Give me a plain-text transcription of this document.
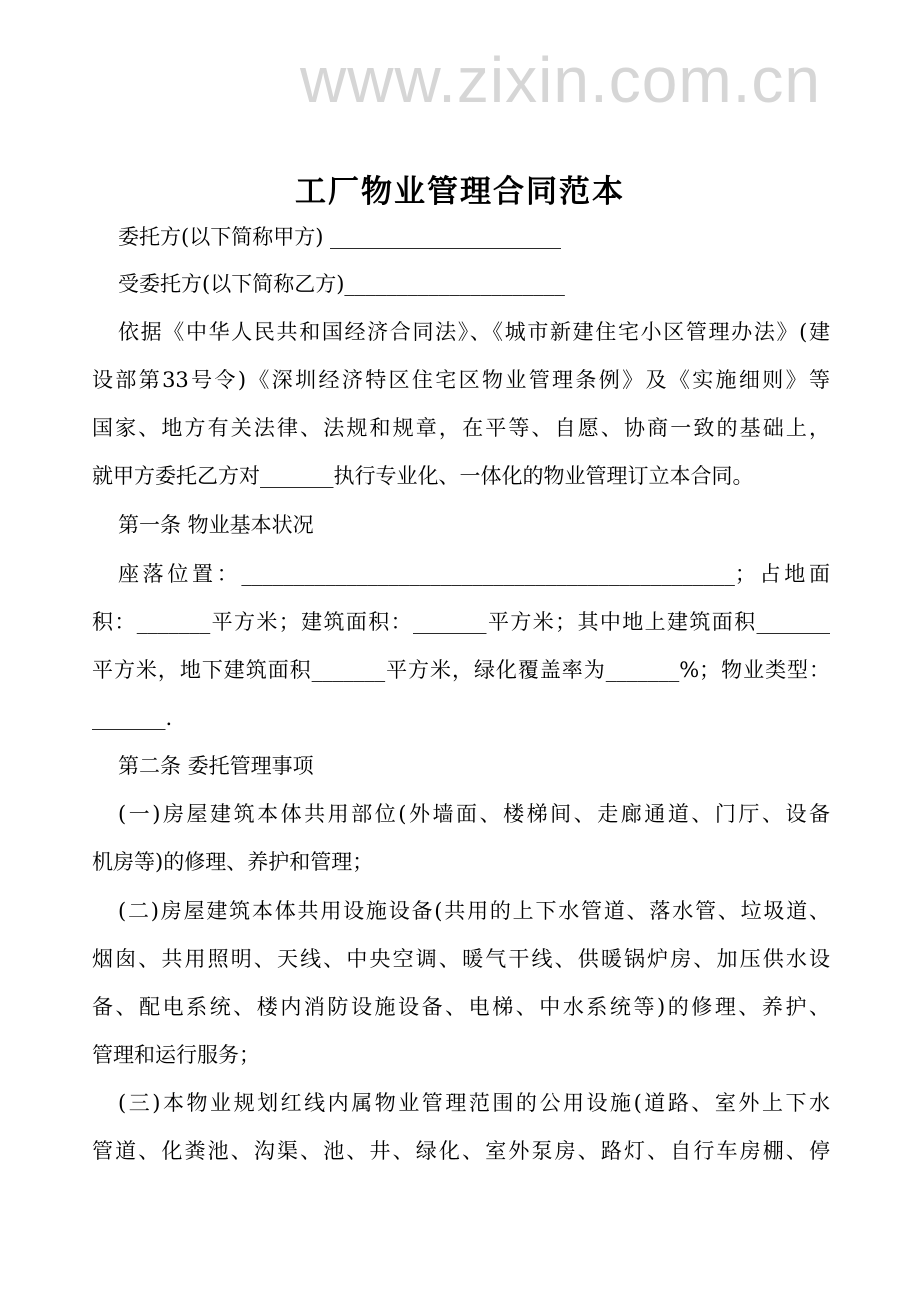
www.zixin.com.cn
工厂物业管理合同范本
委托方(以下简称甲方) ______________________
受委托方(以下简称乙方)_____________________
依据《中华人民共和国经济合同法》、《城市新建住宅小区管理办法》(建
设部第33号令)《深圳经济特区住宅区物业管理条例》及《实施细则》等
国家、地方有关法律、法规和规章，在平等、自愿、协商一致的基础上，
就甲方委托乙方对_______执行专业化、一体化的物业管理订立本合同。
第一条 物业基本状况
座落位置：_______________________________________________；占地面
积：_______平方米；建筑面积：_______平方米；其中地上建筑面积_______
平方米，地下建筑面积_______平方米，绿化覆盖率为_______%；物业类型：
_______.
第二条 委托管理事项
(一)房屋建筑本体共用部位(外墙面、楼梯间、走廊通道、门厅、设备
机房等)的修理、养护和管理；
(二)房屋建筑本体共用设施设备(共用的上下水管道、落水管、垃圾道、
烟囱、共用照明、天线、中央空调、暖气干线、供暖锅炉房、加压供水设
备、配电系统、楼内消防设施设备、电梯、中水系统等)的修理、养护、
管理和运行服务；
(三)本物业规划红线内属物业管理范围的公用设施(道路、室外上下水
管道、化粪池、沟渠、池、井、绿化、室外泵房、路灯、自行车房棚、停
